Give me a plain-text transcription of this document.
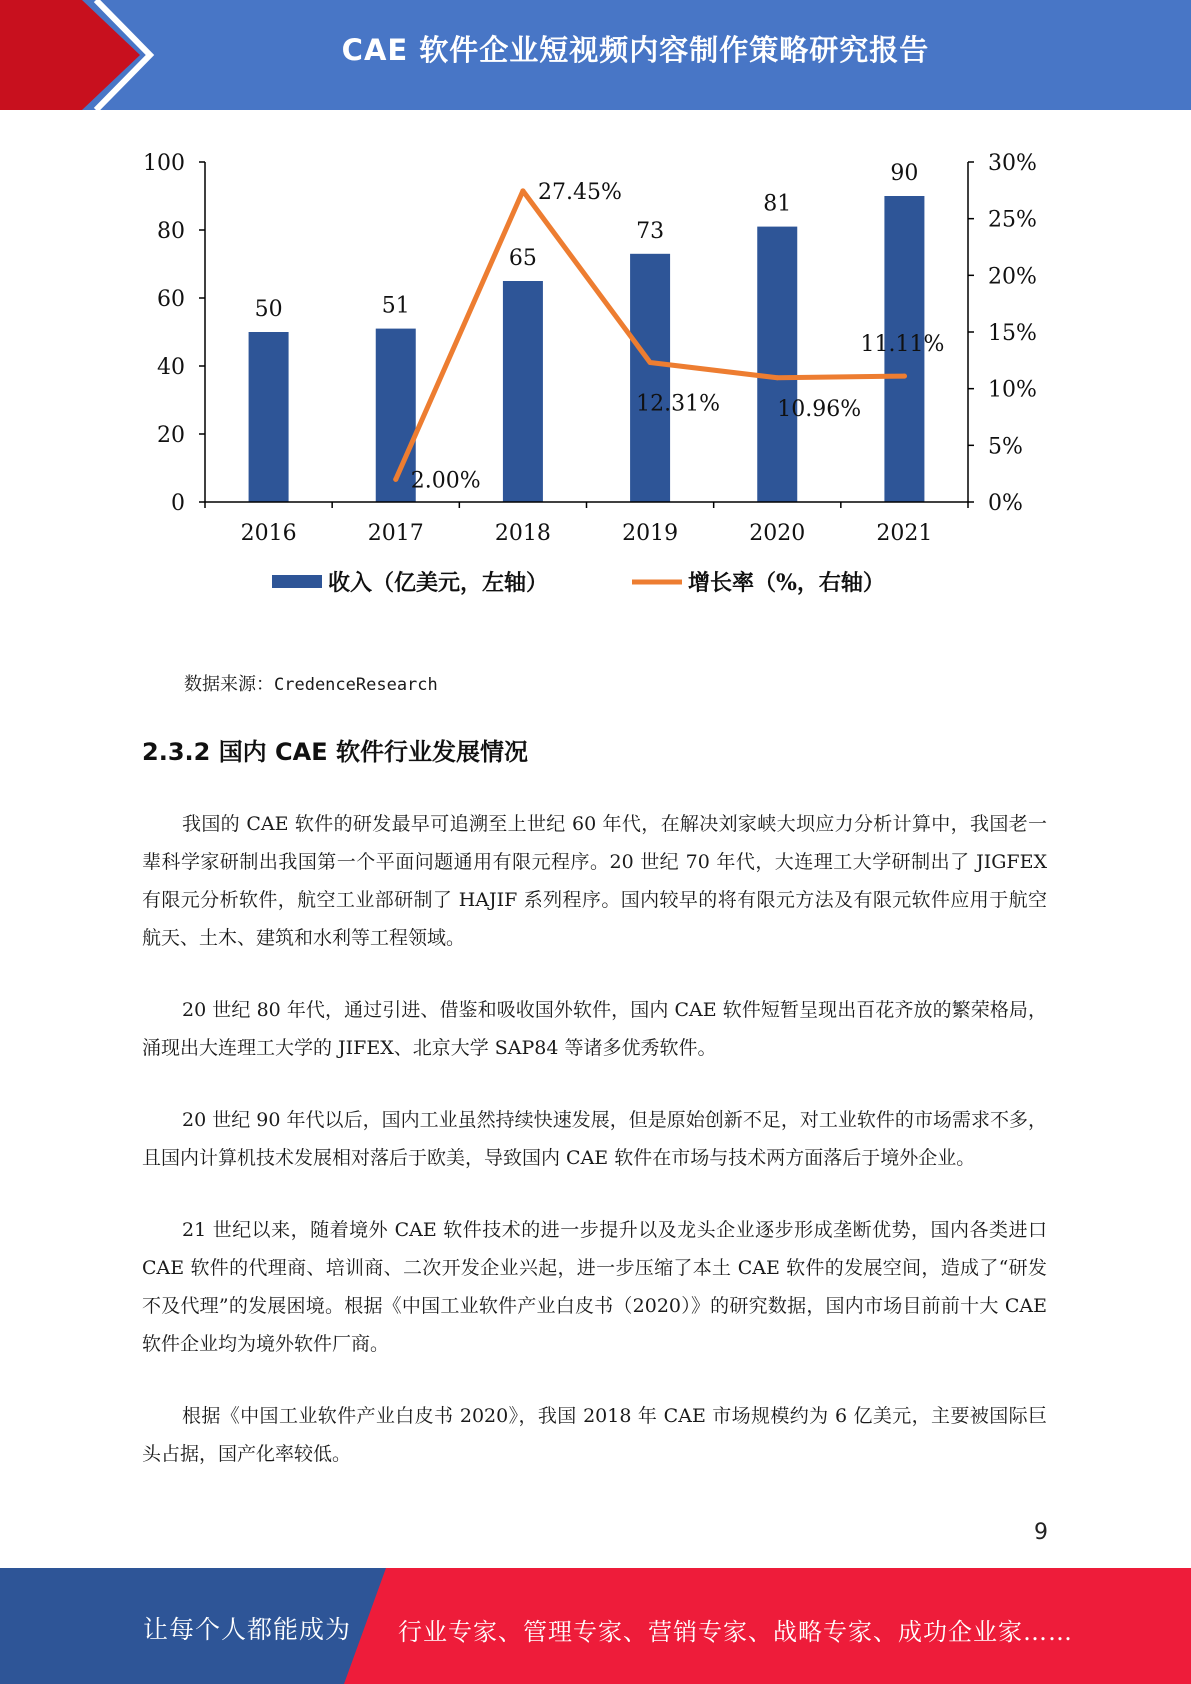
CAE 软件企业短视频内容制作策略研究报告
0
20
40
60
80
100
0%
5%
10%
15%
20%
25%
30%
2016	2017	2018	2019	2020	2021
50	51
65
73
81
90
2.00%
27.45%
12.31%	10.96%
11.11%
收入（亿美元，左轴）	增长率（%，右轴）
数据来源：CredenceResearch
2.3.2 国内 CAE 软件行业发展情况

我国的 CAE 软件的研发最早可追溯至上世纪 60 年代，在解决刘家峡大坝应力分析计算中，我国老一辈科学家研制出我国第一个平面问题通用有限元程序。20 世纪 70 年代，大连理工大学研制出了 JIGFEX 有限元分析软件，航空工业部研制了 HAJIF 系列程序。国内较早的将有限元方法及有限元软件应用于航空航天、土木、建筑和水利等工程领域。

20 世纪 80 年代，通过引进、借鉴和吸收国外软件，国内 CAE 软件短暂呈现出百花齐放的繁荣格局，涌现出大连理工大学的 JIFEX、北京大学 SAP84 等诸多优秀软件。

20 世纪 90 年代以后，国内工业虽然持续快速发展，但是原始创新不足，对工业软件的市场需求不多，且国内计算机技术发展相对落后于欧美，导致国内 CAE 软件在市场与技术两方面落后于境外企业。

21 世纪以来，随着境外 CAE 软件技术的进一步提升以及龙头企业逐步形成垄断优势，国内各类进口 CAE 软件的代理商、培训商、二次开发企业兴起，进一步压缩了本土 CAE 软件的发展空间，造成了“研发不及代理”的发展困境。根据《中国工业软件产业白皮书（2020）》的研究数据，国内市场目前前十大 CAE 软件企业均为境外软件厂商。

根据《中国工业软件产业白皮书 2020》，我国 2018 年 CAE 市场规模约为 6 亿美元，主要被国际巨头占据，国产化率较低。

9
让每个人都能成为 行业专家、管理专家、营销专家、战略专家、成功企业家……
